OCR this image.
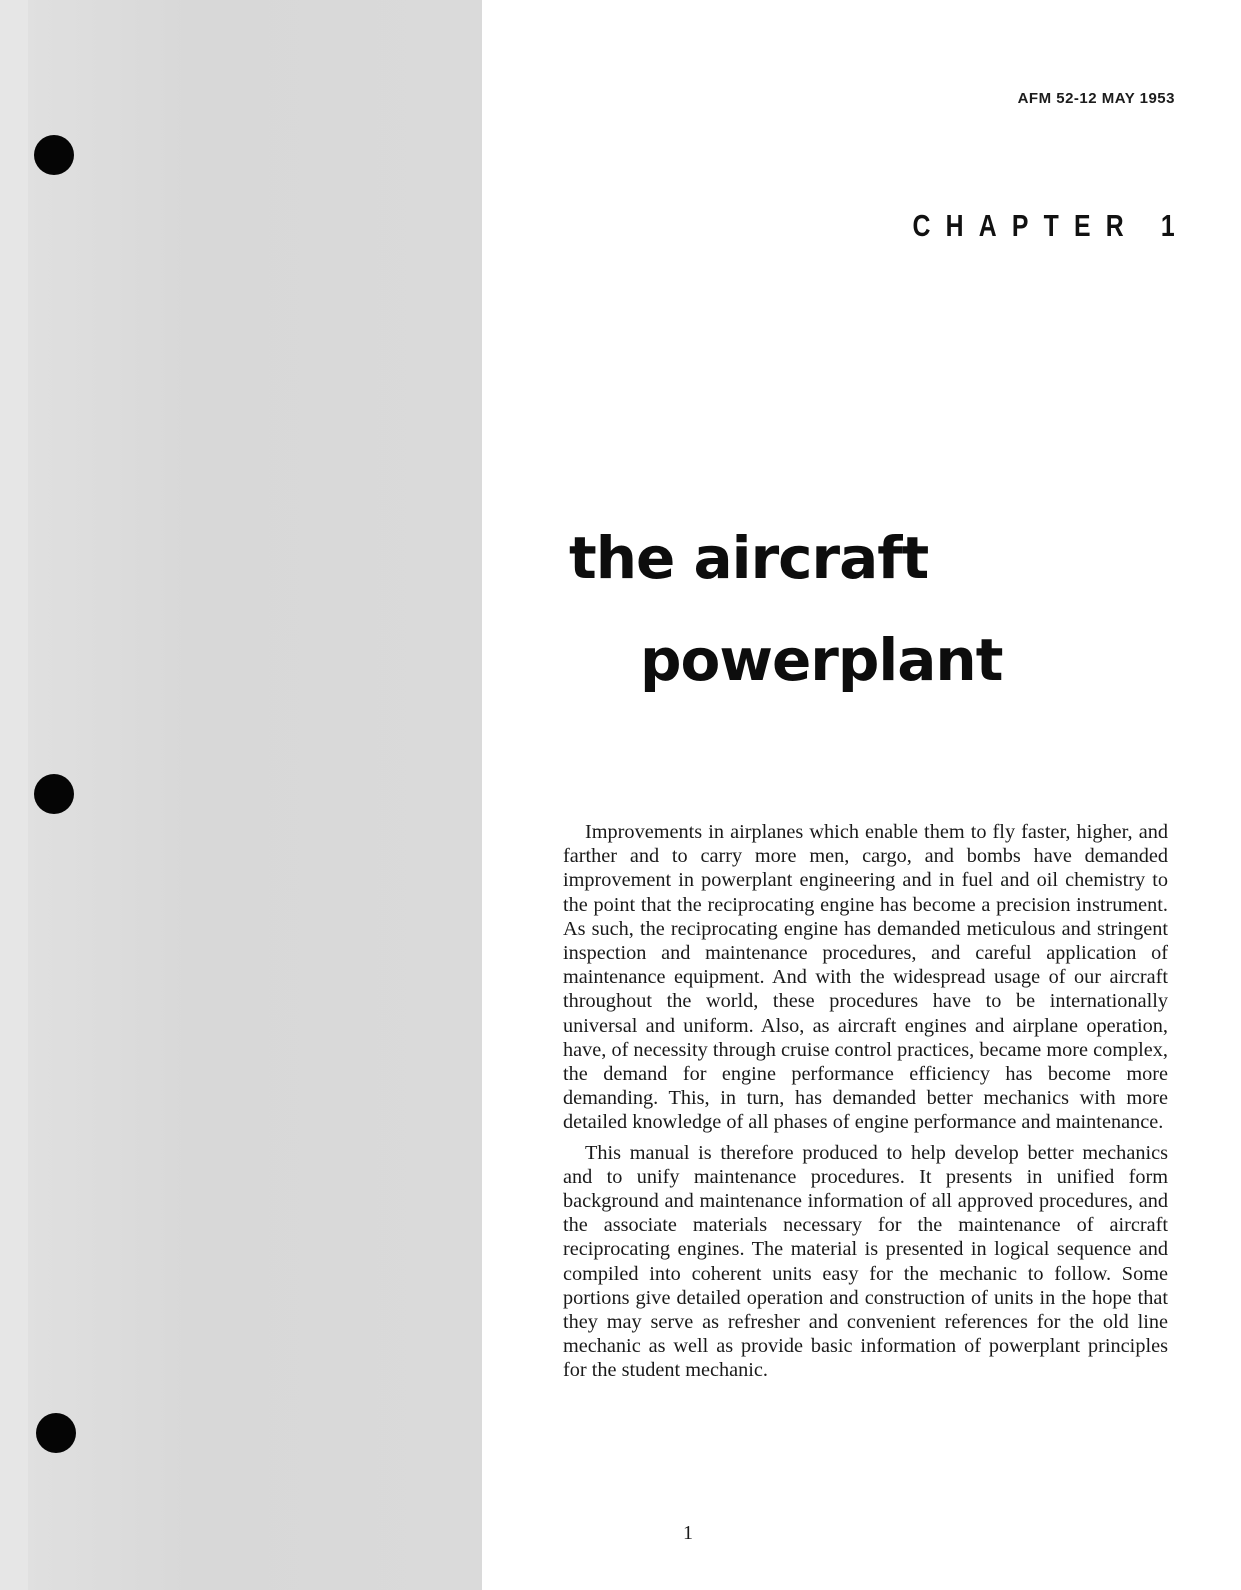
AFM 52-12 MAY 1953
CHAPTER 1
the aircraft
powerplant

Improvements in airplanes which enable them to fly faster, higher, and farther and to carry more men, cargo, and bombs have demanded improvement in powerplant engineering and in fuel and oil chemistry to the point that the reciprocating engine has become a precision instrument. As such, the reciprocating engine has demanded meticulous and stringent inspection and maintenance procedures, and careful application of maintenance equipment. And with the widespread usage of our aircraft throughout the world, these procedures have to be internationally universal and uniform. Also, as aircraft engines and airplane operation, have, of necessity through cruise control practices, became more complex, the demand for engine performance efficiency has become more demanding. This, in turn, has demanded better mechanics with more detailed knowledge of all phases of engine performance and maintenance.

This manual is therefore produced to help develop better mechanics and to unify maintenance procedures. It presents in unified form background and maintenance information of all approved procedures, and the associate materials necessary for the maintenance of aircraft reciprocating engines. The material is presented in logical sequence and compiled into coherent units easy for the mechanic to follow. Some portions give detailed operation and construction of units in the hope that they may serve as refresher and convenient references for the old line mechanic as well as provide basic information of powerplant principles for the student mechanic.

1
